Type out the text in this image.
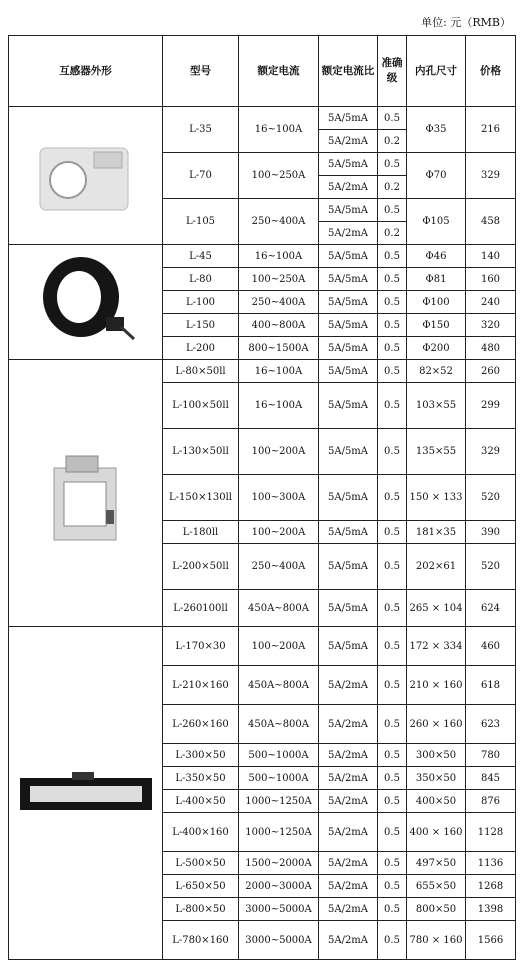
单位: 元（RMB）
互感器外形	型号	额定电流	额定电流比	准确级	内孔尺寸	价格

	L-35	16~100A	5A/5mA	0.5	Φ35	216
			5A/2mA	0.2		
	L-70	100~250A	5A/5mA	0.5	Φ70	329
			5A/2mA	0.2		
	L-105	250~400A	5A/5mA	0.5	Φ105	458
			5A/2mA	0.2		

	L-45	16~100A	5A/5mA	0.5	Φ46	140
	L-80	100~250A	5A/5mA	0.5	Φ81	160
	L-100	250~400A	5A/5mA	0.5	Φ100	240
	L-150	400~800A	5A/5mA	0.5	Φ150	320
	L-200	800~1500A	5A/5mA	0.5	Φ200	480

	L-80×50ll	16~100A	5A/5mA	0.5	82×52	260
	L-100×50ll	16~100A	5A/5mA	0.5	103×55	299
	L-130×50ll	100~200A	5A/5mA	0.5	135×55	329
	L-150×130ll	100~300A	5A/5mA	0.5	150 × 133	520
	L-180ll	100~200A	5A/5mA	0.5	181×35	390
	L-200×50ll	250~400A	5A/5mA	0.5	202×61	520
	L-260100ll	450A~800A	5A/5mA	0.5	265 × 104	624

	L-170×30	100~200A	5A/5mA	0.5	172 × 334	460
	L-210×160	450A~800A	5A/2mA	0.5	210 × 160	618
	L-260×160	450A~800A	5A/2mA	0.5	260 × 160	623
	L-300×50	500~1000A	5A/2mA	0.5	300×50	780
	L-350×50	500~1000A	5A/2mA	0.5	350×50	845
	L-400×50	1000~1250A	5A/2mA	0.5	400×50	876
	L-400×160	1000~1250A	5A/2mA	0.5	400 × 160	1128
	L-500×50	1500~2000A	5A/2mA	0.5	497×50	1136
	L-650×50	2000~3000A	5A/2mA	0.5	655×50	1268
	L-800×50	3000~5000A	5A/2mA	0.5	800×50	1398
	L-780×160	3000~5000A	5A/2mA	0.5	780 × 160	1566
